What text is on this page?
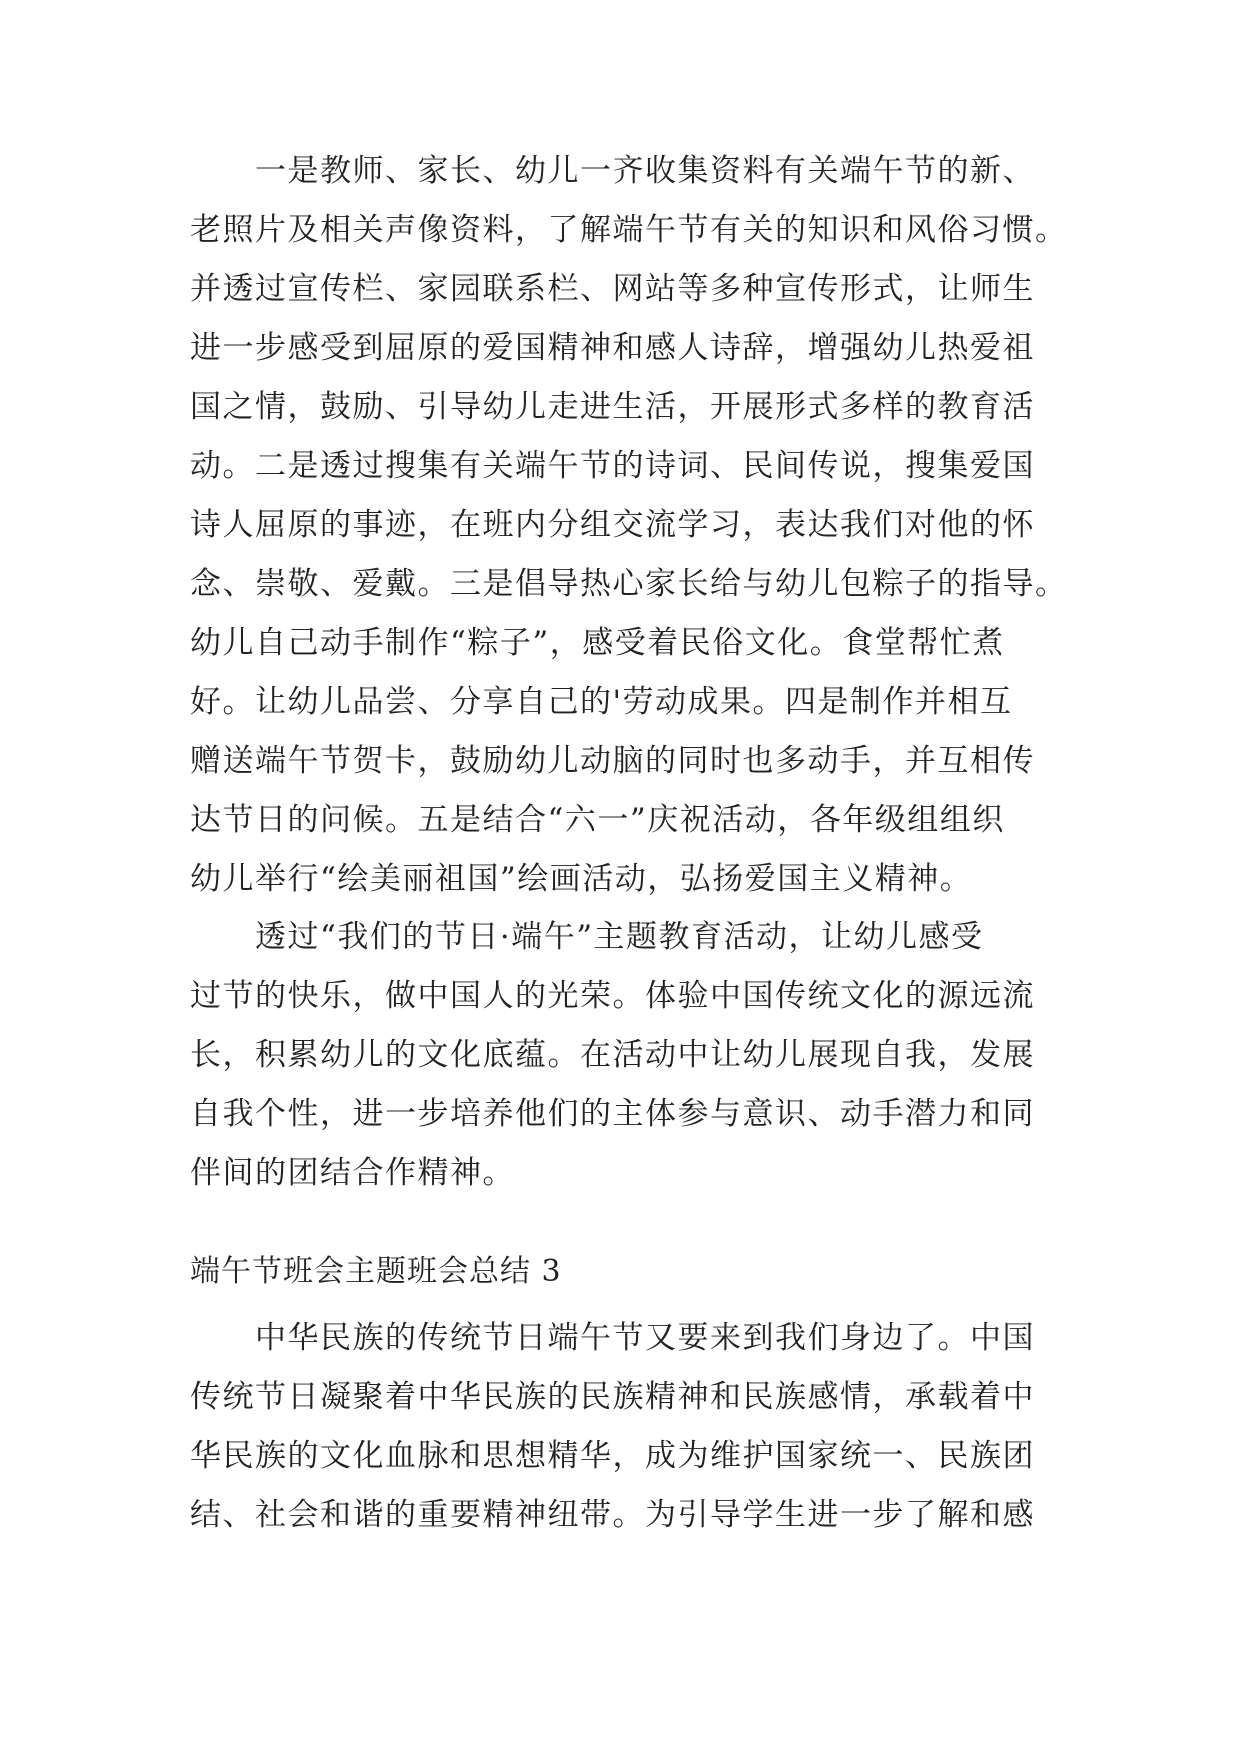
　　一是教师、家长、幼儿一齐收集资料有关端午节的新、
老照片及相关声像资料，了解端午节有关的知识和风俗习惯。
并透过宣传栏、家园联系栏、网站等多种宣传形式，让师生
进一步感受到屈原的爱国精神和感人诗辞，增强幼儿热爱祖
国之情，鼓励、引导幼儿走进生活，开展形式多样的教育活
动。二是透过搜集有关端午节的诗词、民间传说，搜集爱国
诗人屈原的事迹，在班内分组交流学习，表达我们对他的怀
念、崇敬、爱戴。三是倡导热心家长给与幼儿包粽子的指导。
幼儿自己动手制作“粽子”，感受着民俗文化。食堂帮忙煮
好。让幼儿品尝、分享自己的'劳动成果。四是制作并相互
赠送端午节贺卡，鼓励幼儿动脑的同时也多动手，并互相传
达节日的问候。五是结合“六一”庆祝活动，各年级组组织
幼儿举行“绘美丽祖国”绘画活动，弘扬爱国主义精神。
　　透过“我们的节日·端午”主题教育活动，让幼儿感受
过节的快乐，做中国人的光荣。体验中国传统文化的源远流
长，积累幼儿的文化底蕴。在活动中让幼儿展现自我，发展
自我个性，进一步培养他们的主体参与意识、动手潜力和同
伴间的团结合作精神。
端午节班会主题班会总结 3
　　中华民族的传统节日端午节又要来到我们身边了。中国
传统节日凝聚着中华民族的民族精神和民族感情，承载着中
华民族的文化血脉和思想精华，成为维护国家统一、民族团
结、社会和谐的重要精神纽带。为引导学生进一步了解和感
